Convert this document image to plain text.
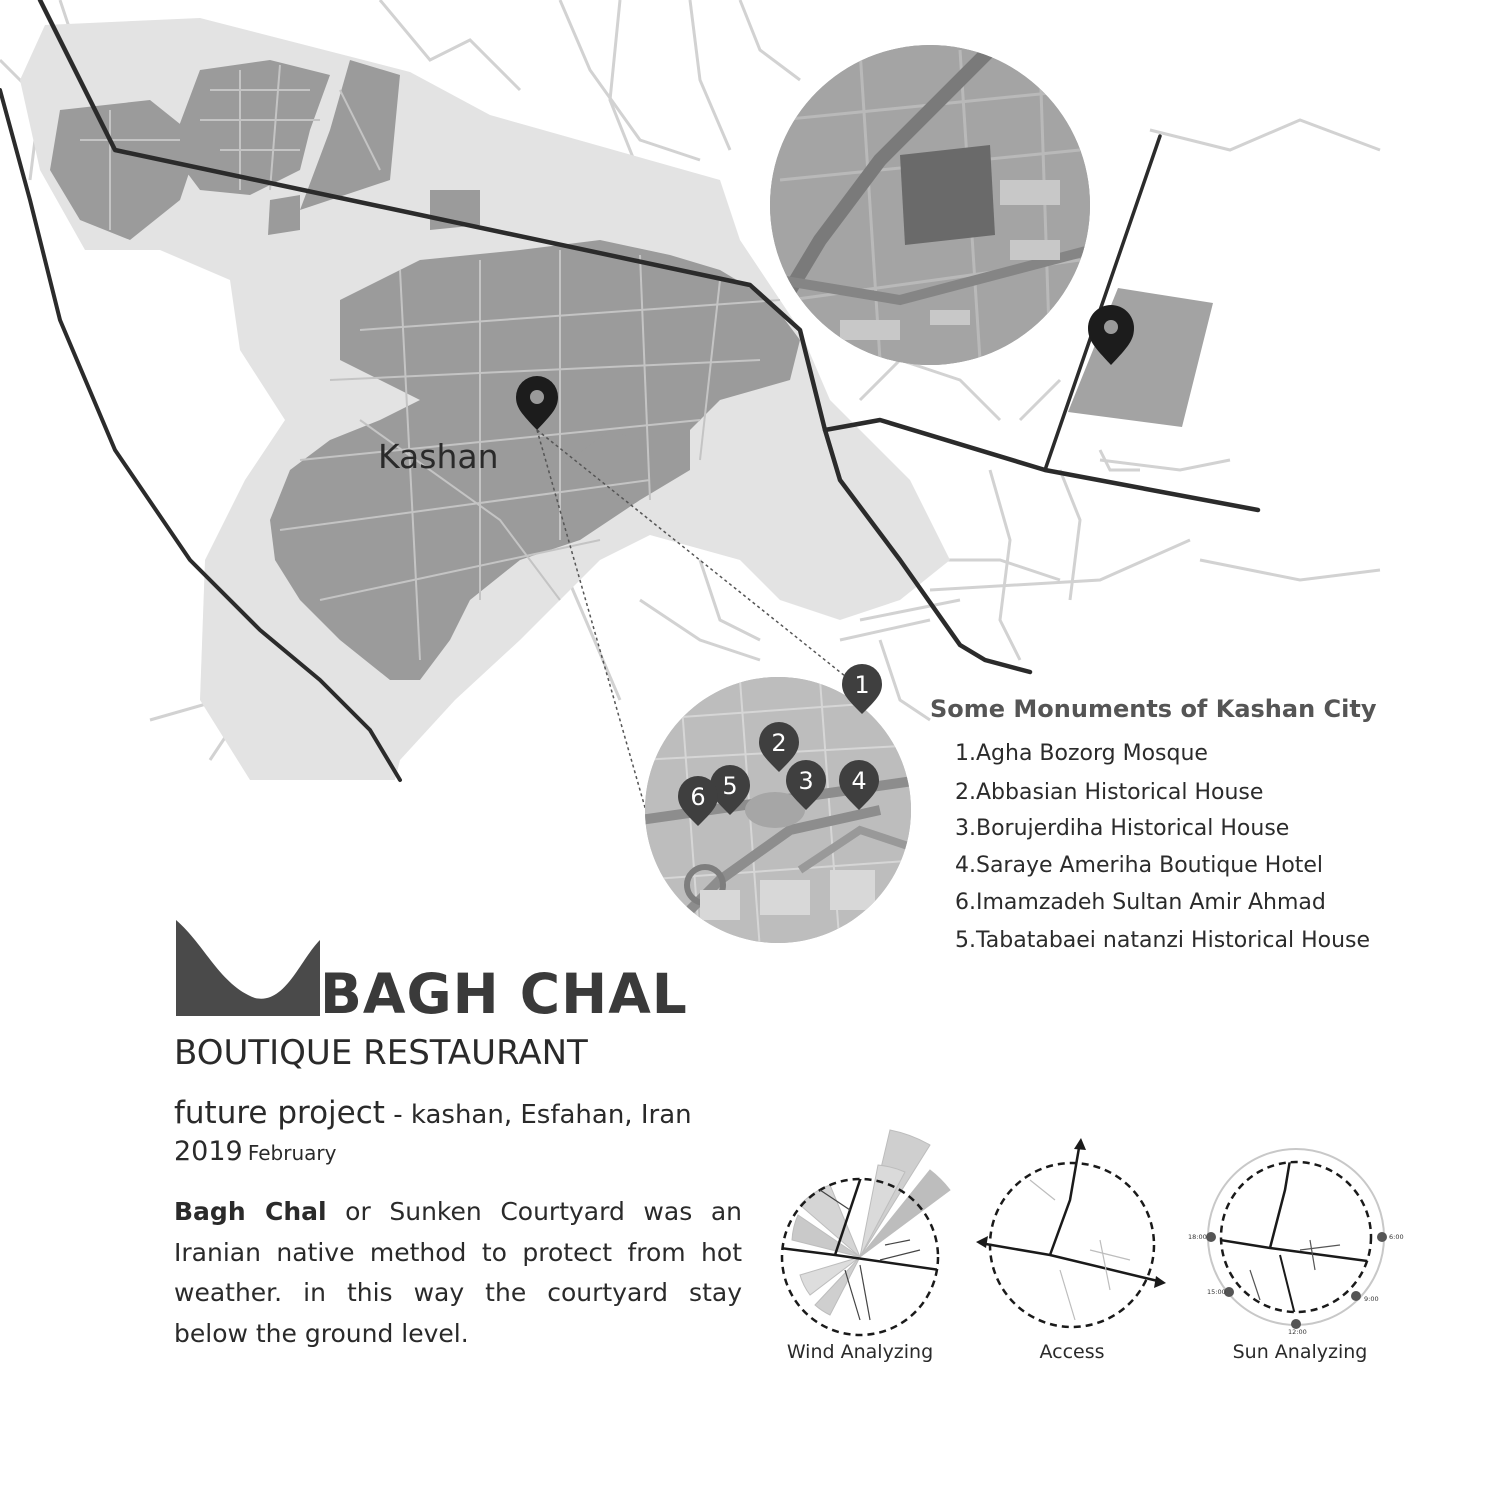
1
2
3 4
5
6
18:00	6:00
15:00
9:00
12:00
Kashan
Some Monuments of Kashan City
1.Agha Bozorg Mosque
2.Abbasian Historical House
3.Borujerdiha Historical House
4.Saraye Ameriha Boutique Hotel
6.Imamzadeh Sultan Amir Ahmad
5.Tabatabaei natanzi Historical House
BAGH CHAL
BOUTIQUE RESTAURANT
future project - kashan, Esfahan, Iran
2019 February
Bagh Chal or Sunken Courtyard was an Iranian native method to protect from hot weather. in this way the courtyard stay below the ground level.
Wind Analyzing	Access	Sun Analyzing
